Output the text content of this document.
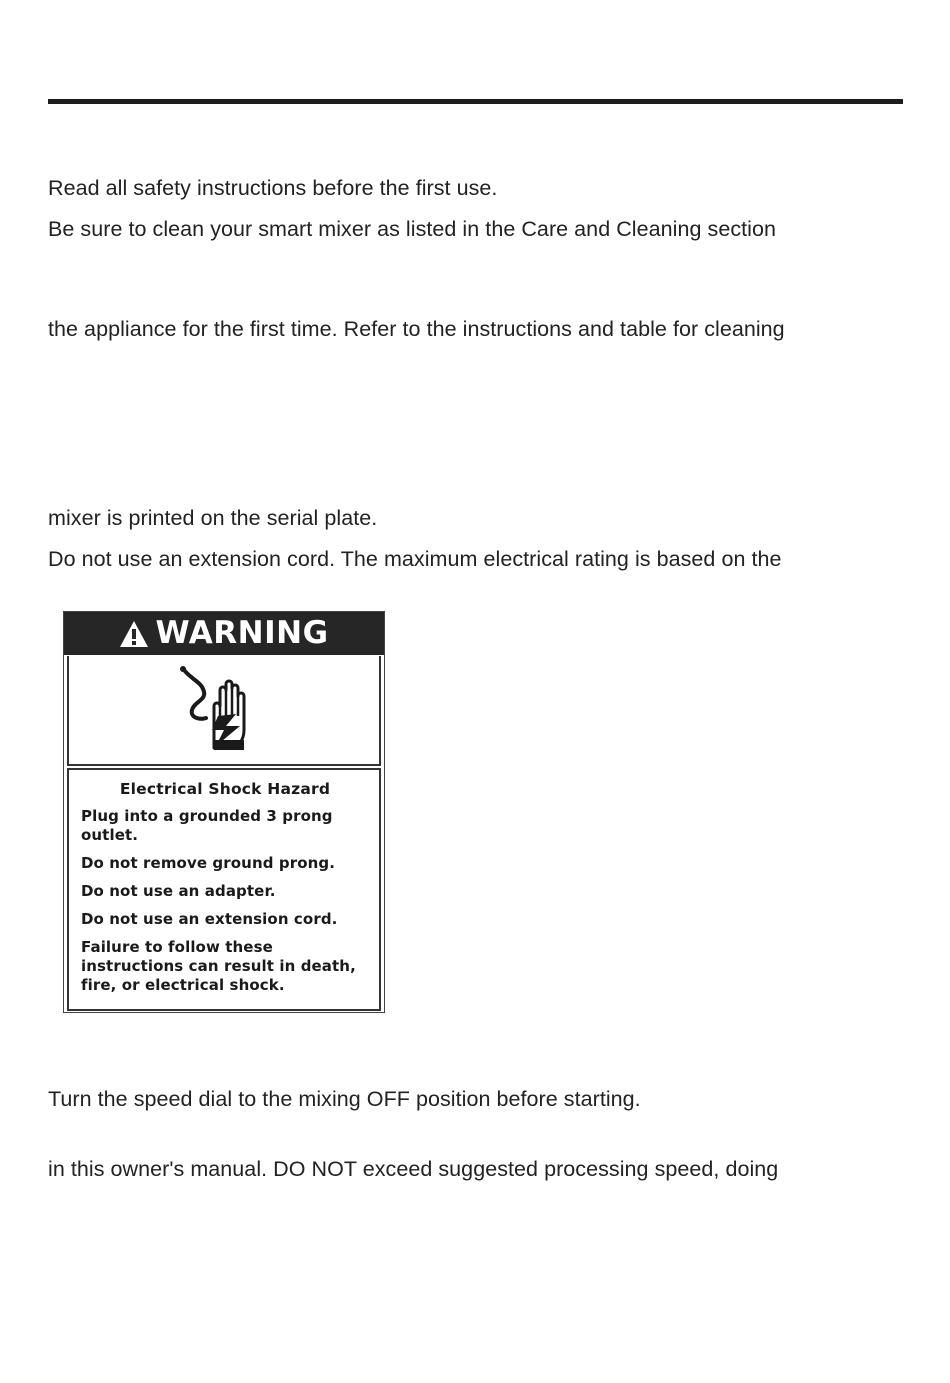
Read all safety instructions before the first use.
Be sure to clean your smart mixer as listed in the Care and Cleaning section
the appliance for the first time. Refer to the instructions and table for cleaning
mixer is printed on the serial plate.
Do not use an extension cord. The maximum electrical rating is based on the
WARNING
Electrical Shock Hazard
Plug into a grounded 3 prong outlet.
Do not remove ground prong.
Do not use an adapter.
Do not use an extension cord.
Failure to follow these instructions can result in death, fire, or electrical shock.
Turn the speed dial to the mixing OFF position before starting.
in this owner's manual. DO NOT exceed suggested processing speed, doing
